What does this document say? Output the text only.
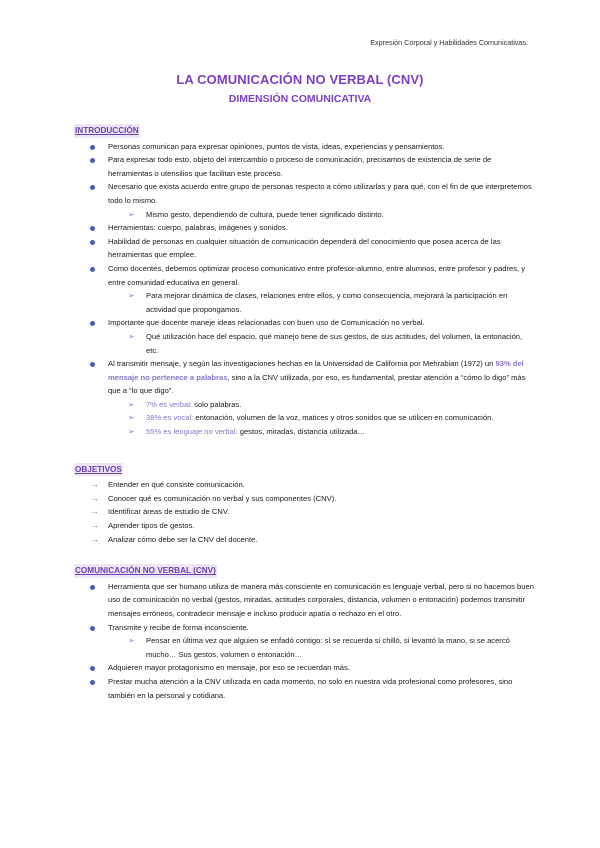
Expresión Corporal y Habilidades Comunicativas.
LA COMUNICACIÓN NO VERBAL (CNV)
DIMENSIÓN COMUNICATIVA
INTRODUCCIÓN
Personas comunican para expresar opiniones, puntos de vista, ideas, experiencias y pensamientos.
Para expresar todo esto, objeto del intercambio o proceso de comunicación, precisamos de existencia de serie de herramientas o utensilios que facilitan este proceso.
Necesario que exista acuerdo entre grupo de personas respecto a cómo utilizarlas y para qué, con el fin de que interpretemos todo lo mismo.
➢ Mismo gesto, dependiendo de cultura, puede tener significado distinto.
Herramientas: cuerpo, palabras, imágenes y sonidos.
Habilidad de personas en cualquier situación de comunicación dependerá del conocimiento que posea acerca de las herramientas que emplee.
Como docentes, debemos optimizar proceso comunicativo entre profesor-alumno, entre alumnos, entre profesor y padres, y entre comunidad educativa en general.
➢ Para mejorar dinámica de clases, relaciones entre ellos, y como consecuencia, mejorará la participación en actividad que propongamos.
Importante que docente maneje ideas relacionadas con buen uso de Comunicación no verbal.
➢ Qué utilización hace del espacio, qué manejo tiene de sus gestos, de sus actitudes, del volumen, la entonación, etc.
Al transmitir mensaje, y según las investigaciones hechas en la Universidad de California por Mehrabian (1972) un 93% del mensaje no pertenece a palabras, sino a la CNV utilizada, por eso, es fundamental, prestar atención a “cómo lo digo” más que a “lo que digo”.
➢ 7% es verbal: solo palabras.
➢ 38% es vocal: entonación, volumen de la voz, matices y otros sonidos que se utilicen en comunicación.
➢ 55% es lenguaje no verbal: gestos, miradas, distancia utilizada…
OBJETIVOS
→ Entender en qué consiste comunicación.
→ Conocer qué es comunicación no verbal y sus componentes (CNV).
→ Identificar áreas de estudio de CNV.
→ Aprender tipos de gestos.
→ Analizar cómo debe ser la CNV del docente.
COMUNICACIÓN NO VERBAL (CNV)
Herramienta que ser humano utiliza de manera más consciente en comunicación es lenguaje verbal, pero si no hacemos buen uso de comunicación no verbal (gestos, miradas, actitudes corporales, distancia, volumen o entonación) podemos transmitir mensajes erróneos, contradecir mensaje e incluso producir apatía o rechazo en el otro.
Transmite y recibe de forma inconsciente.
➢ Pensar en última vez que alguien se enfadó contigo: sí se recuerda si chilló, si levantó la mano, si se acercó mucho… Sus gestos, volumen o entonación…
Adquieren mayor protagonismo en mensaje, por eso se recuerdan más.
Prestar mucha atención a la CNV utilizada en cada momento, no solo en nuestra vida profesional como profesores, sino también en la personal y cotidiana.
